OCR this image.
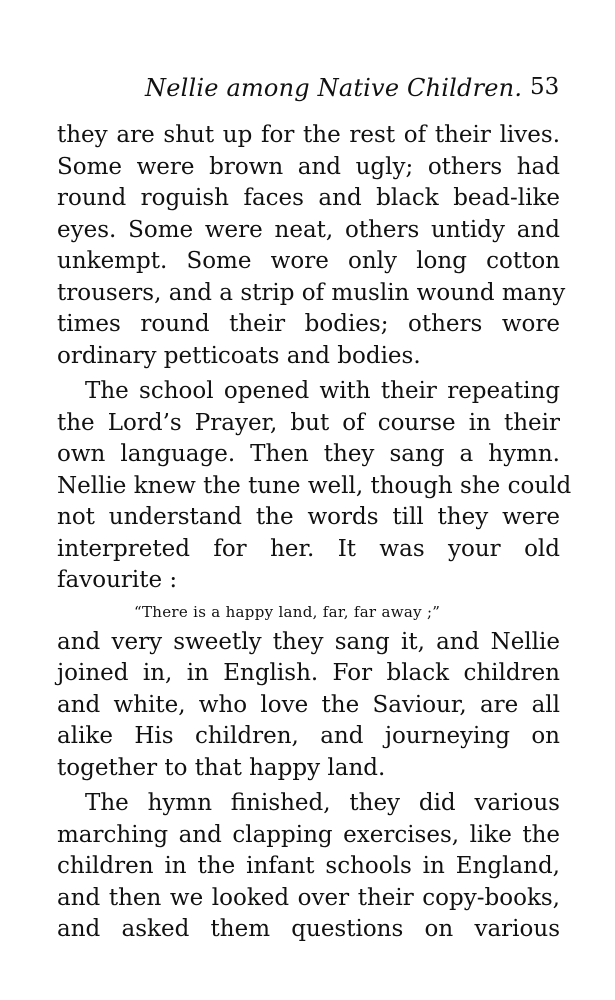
Nellie among Native Children. 53
they are shut up for the rest of their lives.
Some were brown and ugly; others had
round roguish faces and black bead-like
eyes. Some were neat, others untidy and
unkempt. Some wore only long cotton
trousers, and a strip of muslin wound many
times round their bodies; others wore
ordinary petticoats and bodies.
The school opened with their repeating
the Lord’s Prayer, but of course in their
own language. Then they sang a hymn.
Nellie knew the tune well, though she could
not understand the words till they were
interpreted for her. It was your old
favourite :
“There is a happy land, far, far away ;”
and very sweetly they sang it, and Nellie
joined in, in English. For black children
and white, who love the Saviour, are all
alike His children, and journeying on
together to that happy land.
The hymn finished, they did various
marching and clapping exercises, like the
children in the infant schools in England,
and then we looked over their copy-books,
and asked them questions on various
